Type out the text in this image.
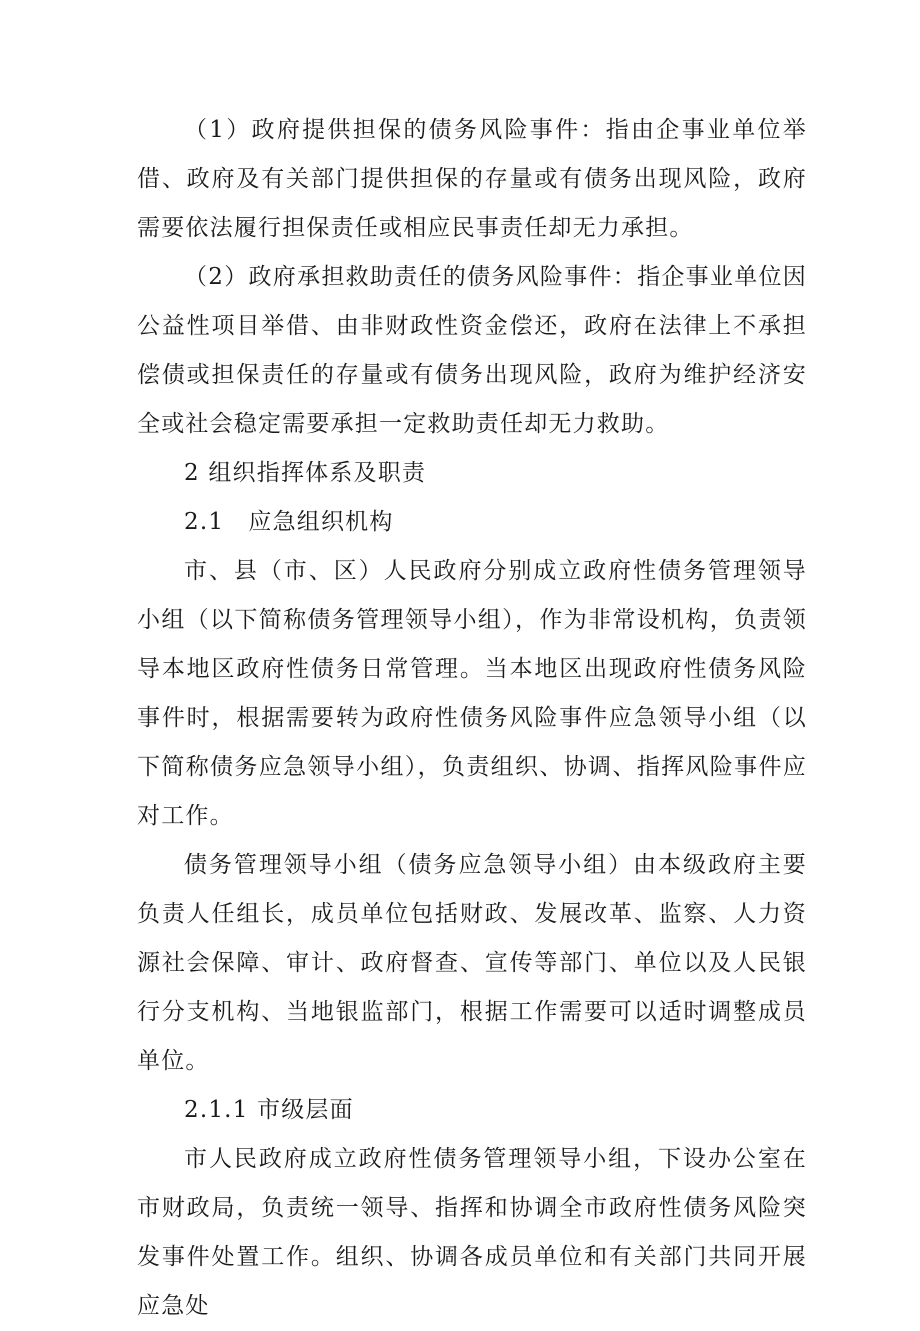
（1）政府提供担保的债务风险事件：指由企事业单位举借、政府及有关部门提供担保的存量或有债务出现风险，政府需要依法履行担保责任或相应民事责任却无力承担。

（2）政府承担救助责任的债务风险事件：指企事业单位因公益性项目举借、由非财政性资金偿还，政府在法律上不承担偿债或担保责任的存量或有债务出现风险，政府为维护经济安全或社会稳定需要承担一定救助责任却无力救助。

2 组织指挥体系及职责

2.1　应急组织机构

市、县（市、区）人民政府分别成立政府性债务管理领导小组（以下简称债务管理领导小组），作为非常设机构，负责领导本地区政府性债务日常管理。当本地区出现政府性债务风险事件时，根据需要转为政府性债务风险事件应急领导小组（以下简称债务应急领导小组），负责组织、协调、指挥风险事件应对工作。

债务管理领导小组（债务应急领导小组）由本级政府主要负责人任组长，成员单位包括财政、发展改革、监察、人力资源社会保障、审计、政府督查、宣传等部门、单位以及人民银行分支机构、当地银监部门，根据工作需要可以适时调整成员单位。

2.1.1 市级层面

市人民政府成立政府性债务管理领导小组，下设办公室在市财政局，负责统一领导、指挥和协调全市政府性债务风险突发事件处置工作。组织、协调各成员单位和有关部门共同开展应急处
